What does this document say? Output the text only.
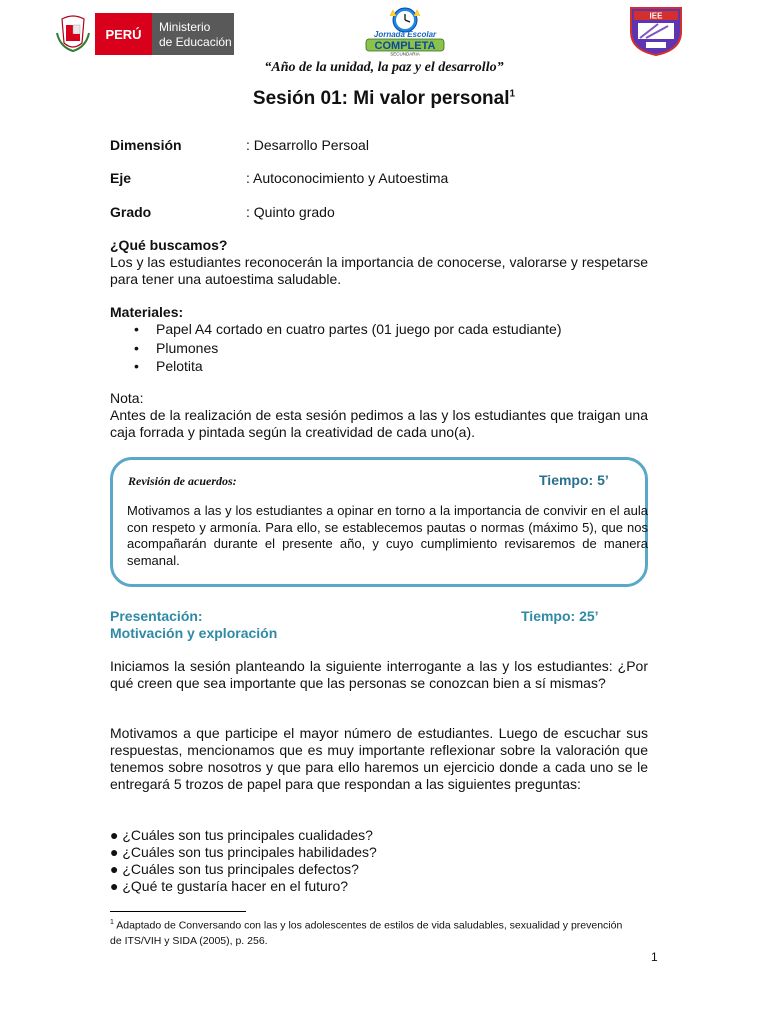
PERÚ Ministerio
de Educación
Jornada Escolar
COMPLETA
SECUNDARIA
IEE
“Año de la unidad, la paz y el desarrollo”
Sesión 01: Mi valor personal$^1$
Dimensión	: Desarrollo Persoal
Eje	: Autoconocimiento y Autoestima
Grado	: Quinto grado
¿Qué buscamos?

Los y las estudiantes reconocerán la importancia de conocerse, valorarse y respetarse para tener una autoestima saludable.

Materiales:
• Papel A4 cortado en cuatro partes (01 juego por cada estudiante)
• Plumones
• Pelotita
Nota:

Antes de la realización de esta sesión pedimos a las y los estudiantes que traigan una caja forrada y pintada según la creatividad de cada uno(a).

Revisión de acuerdos:	Tiempo: 5’

Motivamos a las y los estudiantes a opinar en torno a la importancia de convivir en el aula con respeto y armonía. Para ello, se establecemos pautas o normas (máximo 5), que nos acompañarán durante el presente año, y cuyo cumplimiento revisaremos de manera semanal.

Presentación:	Tiempo: 25’
Motivación y exploración

Iniciamos la sesión planteando la siguiente interrogante a las y los estudiantes: ¿Por qué creen que sea importante que las personas se conozcan bien a sí mismas?

Motivamos a que participe el mayor número de estudiantes. Luego de escuchar sus respuestas, mencionamos que es muy importante reflexionar sobre la valoración que tenemos sobre nosotros y que para ello haremos un ejercicio donde a cada uno se le entregará 5 trozos de papel para que respondan a las siguientes preguntas:

● ¿Cuáles son tus principales cualidades?
● ¿Cuáles son tus principales habilidades?
● ¿Cuáles son tus principales defectos?
● ¿Qué te gustaría hacer en el futuro?

$^1$ Adaptado de Conversando con las y los adolescentes de estilos de vida saludables, sexualidad y prevención de ITS/VIH y SIDA (2005), p. 256.

1
